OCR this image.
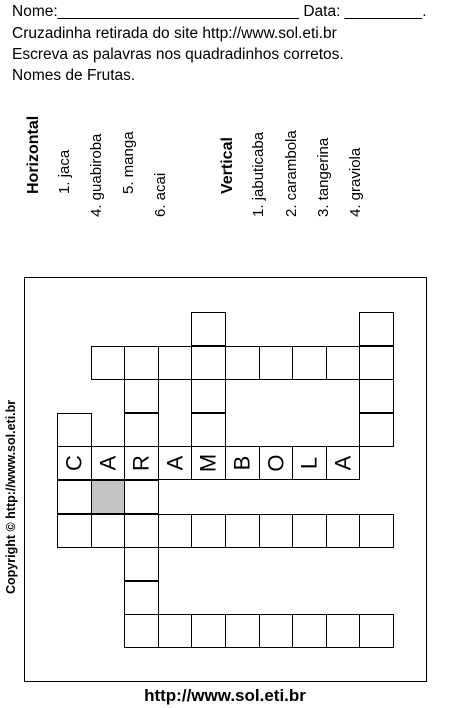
Nome:____________________________ Data: _________.
Cruzadinha retirada do site http://www.sol.eti.br
Escreva as palavras nos quadradinhos corretos.
Nomes de Frutas.
Horizontal 1. jaca 4. guabiroba 5. manga
6. acai
Vertical 1. jabuticaba 2. carambola 3. tangerina 4. graviola
C A R A M B O L A
Copyright © http://www.sol.eti.br
http://www.sol.eti.br
